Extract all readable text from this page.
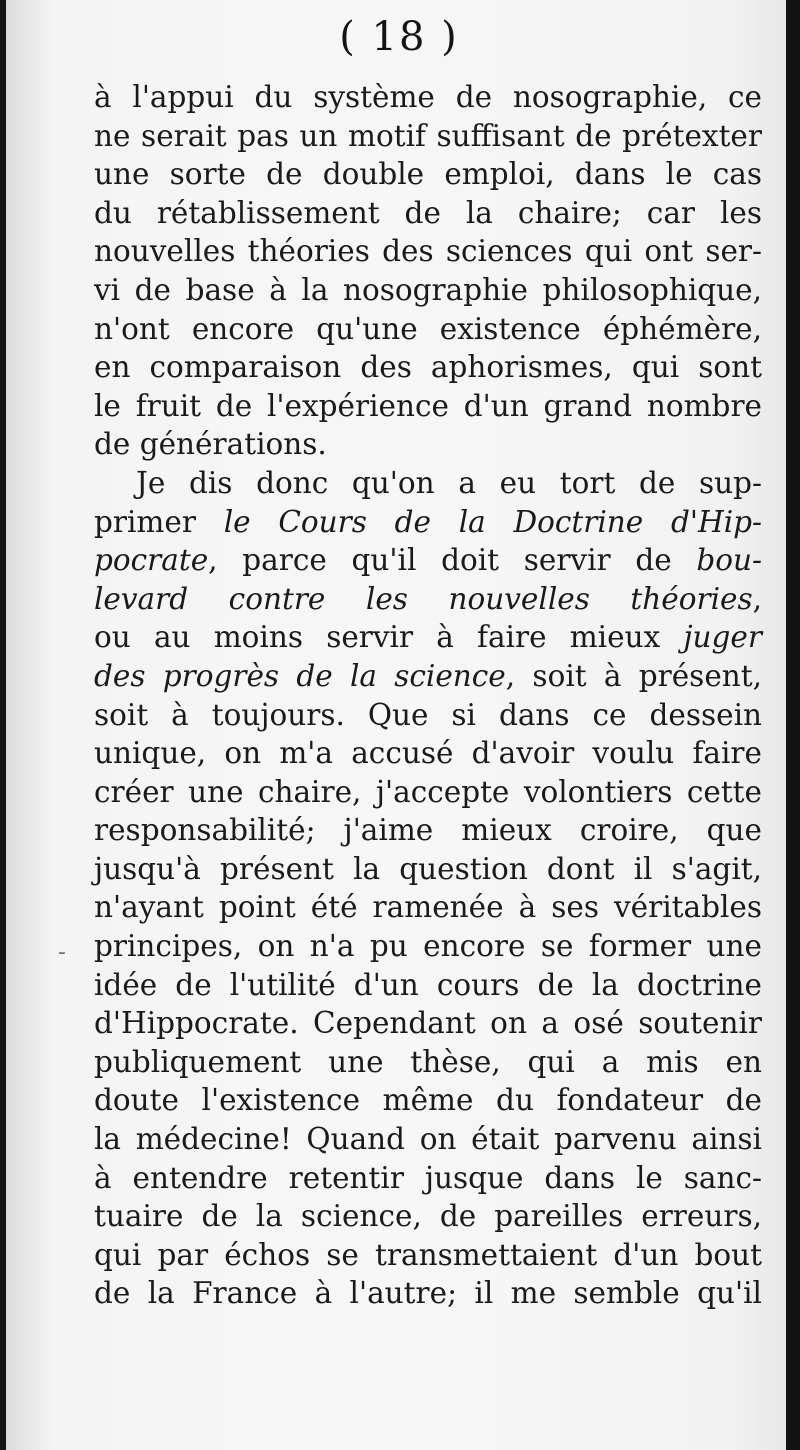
( 18 )
à l'appui du système de nosographie, ce
ne serait pas un motif suffisant de prétexter
une sorte de double emploi, dans le cas
du rétablissement de la chaire; car les
nouvelles théories des sciences qui ont ser-
vi de base à la nosographie philosophique,
n'ont encore qu'une existence éphémère,
en comparaison des aphorismes, qui sont
le fruit de l'expérience d'un grand nombre
de générations.
Je dis donc qu'on a eu tort de sup-
primer le Cours de la Doctrine d'Hip-
pocrate, parce qu'il doit servir de bou-
levard contre les nouvelles théories,
ou au moins servir à faire mieux juger
des progrès de la science, soit à présent,
soit à toujours. Que si dans ce dessein
unique, on m'a accusé d'avoir voulu faire
créer une chaire, j'accepte volontiers cette
responsabilité; j'aime mieux croire, que
jusqu'à présent la question dont il s'agit,
n'ayant point été ramenée à ses véritables
principes, on n'a pu encore se former une
idée de l'utilité d'un cours de la doctrine
d'Hippocrate. Cependant on a osé soutenir
publiquement une thèse, qui a mis en
doute l'existence même du fondateur de
la médecine! Quand on était parvenu ainsi
à entendre retentir jusque dans le sanc-
tuaire de la science, de pareilles erreurs,
qui par échos se transmettaient d'un bout
de la France à l'autre; il me semble qu'il
-
